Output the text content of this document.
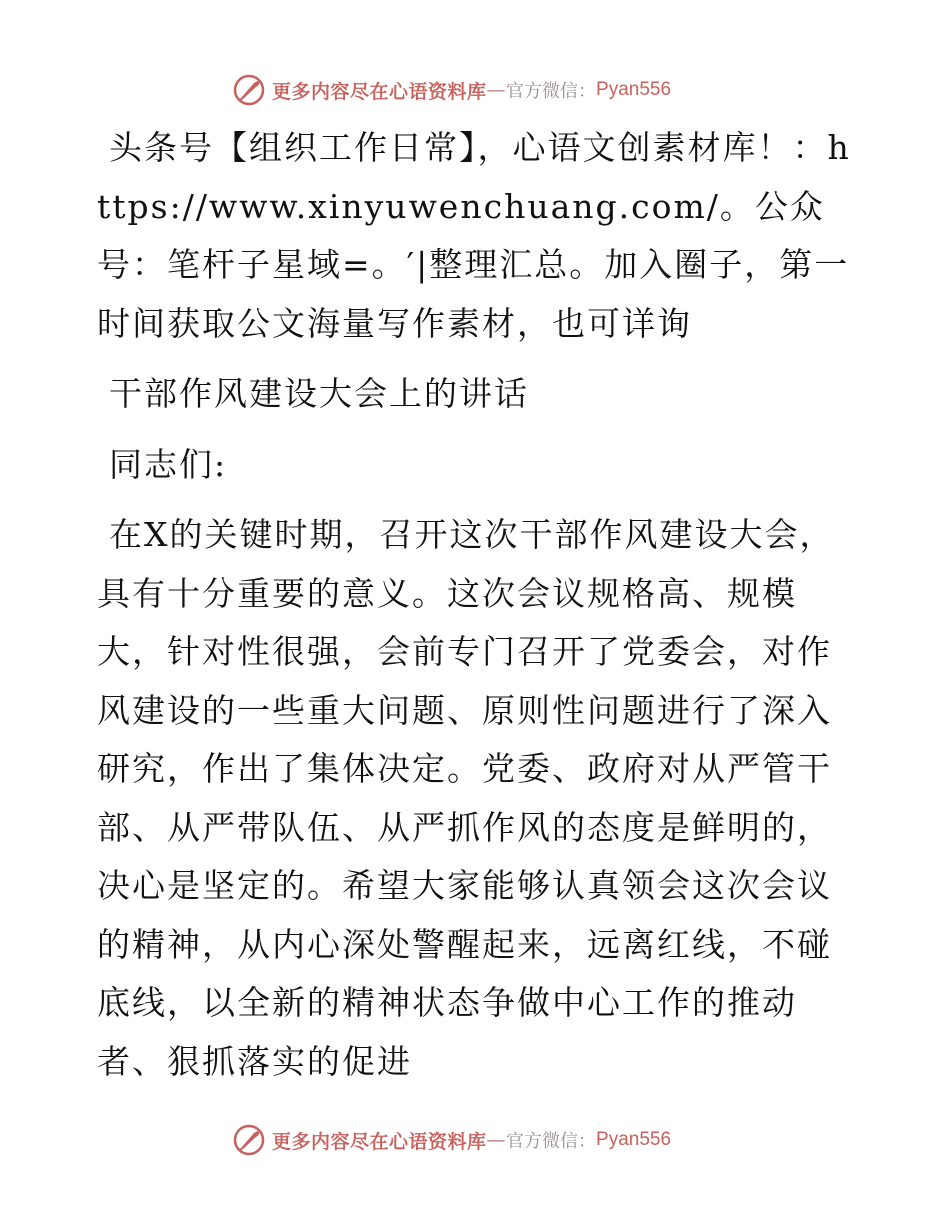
更多内容尽在心语资料库 — 官方微信： Pyan556

头条号【组织工作日常】，心语文创素材库！：https://www.xinyuwenchuang.com/。公众号：笔杆子星域=。′|整理汇总。加入圈子，第一时间获取公文海量写作素材，也可详询

干部作风建设大会上的讲话

同志们:

在X的关键时期，召开这次干部作风建设大会，具有十分重要的意义。这次会议规格高、规模大，针对性很强，会前专门召开了党委会，对作风建设的一些重大问题、原则性问题进行了深入研究，作出了集体决定。党委、政府对从严管干部、从严带队伍、从严抓作风的态度是鲜明的，决心是坚定的。希望大家能够认真领会这次会议的精神，从内心深处警醒起来，远离红线，不碰底线，以全新的精神状态争做中心工作的推动者、狠抓落实的促进

更多内容尽在心语资料库 — 官方微信： Pyan556
